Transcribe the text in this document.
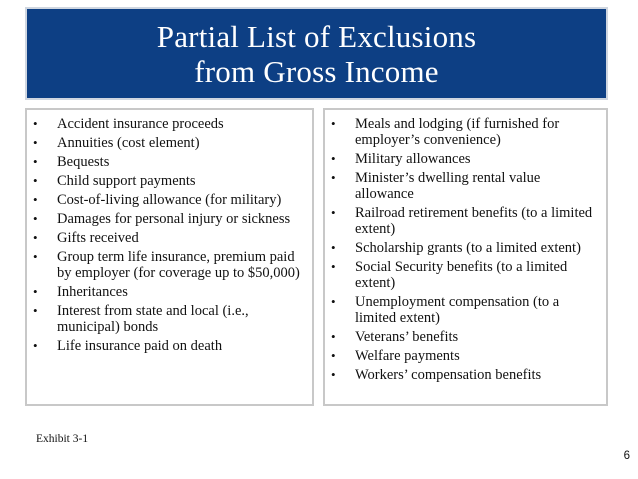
Partial List of Exclusions
from Gross Income
•	Accident insurance proceeds
•	Annuities (cost element)
•	Bequests
•	Child support payments
•	Cost-of-living allowance (for military)
•	Damages for personal injury or sickness
•	Gifts received
•	Group term life insurance, premium paid by employer (for coverage up to $50,000)
•	Inheritances
•	Interest from state and local (i.e., municipal) bonds
•	Life insurance paid on death
•	Meals and lodging (if furnished for employer’s convenience)
•	Military allowances
•	Minister’s dwelling rental value allowance
•	Railroad retirement benefits (to a limited extent)
•	Scholarship grants (to a limited extent)
•	Social Security benefits (to a limited extent)
•	Unemployment compensation (to a limited extent)
•	Veterans’ benefits
•	Welfare payments
•	Workers’ compensation benefits
Exhibit 3-1
6
